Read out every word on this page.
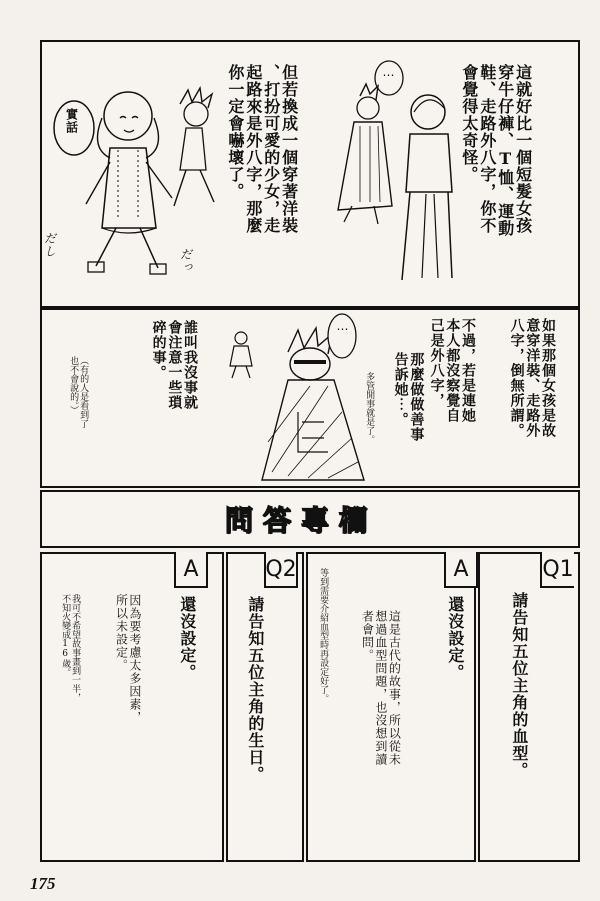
這就好比一個短髮女孩
穿牛仔褲、T恤、運動
鞋、走路外八字，你不
會覺得太奇怪。
但若換成一個穿著洋裝
、打扮可愛的少女，走
起路來是外八字，那麼
你一定會嚇壞了。
實話
だし
だっ
⋯
如果那個女孩是故
意穿洋裝、走路外
八字，倒無所謂。
不過，若是連她
本人都沒察覺自
己是外八字，
那麼做做善事
告訴她⋯。
多管閒事就是了。
⋯
誰叫我沒事就
會注意一些瑣
碎的事。
（有的人是看到了
也不會說的。）
問答專欄
Q1
A
Q2
A
請告知五位主角的血型。
還沒設定。
這是古代的故事，所以從未
想過血型問題，也沒想到讀
者會問。
等到需要介紹血型時再設定好了。
請告知五位主角的生日。
還沒設定。
因為要考慮太多因素，
所以未設定。
我可不希望故事畫到一半，
不知火變成16歲。
175
